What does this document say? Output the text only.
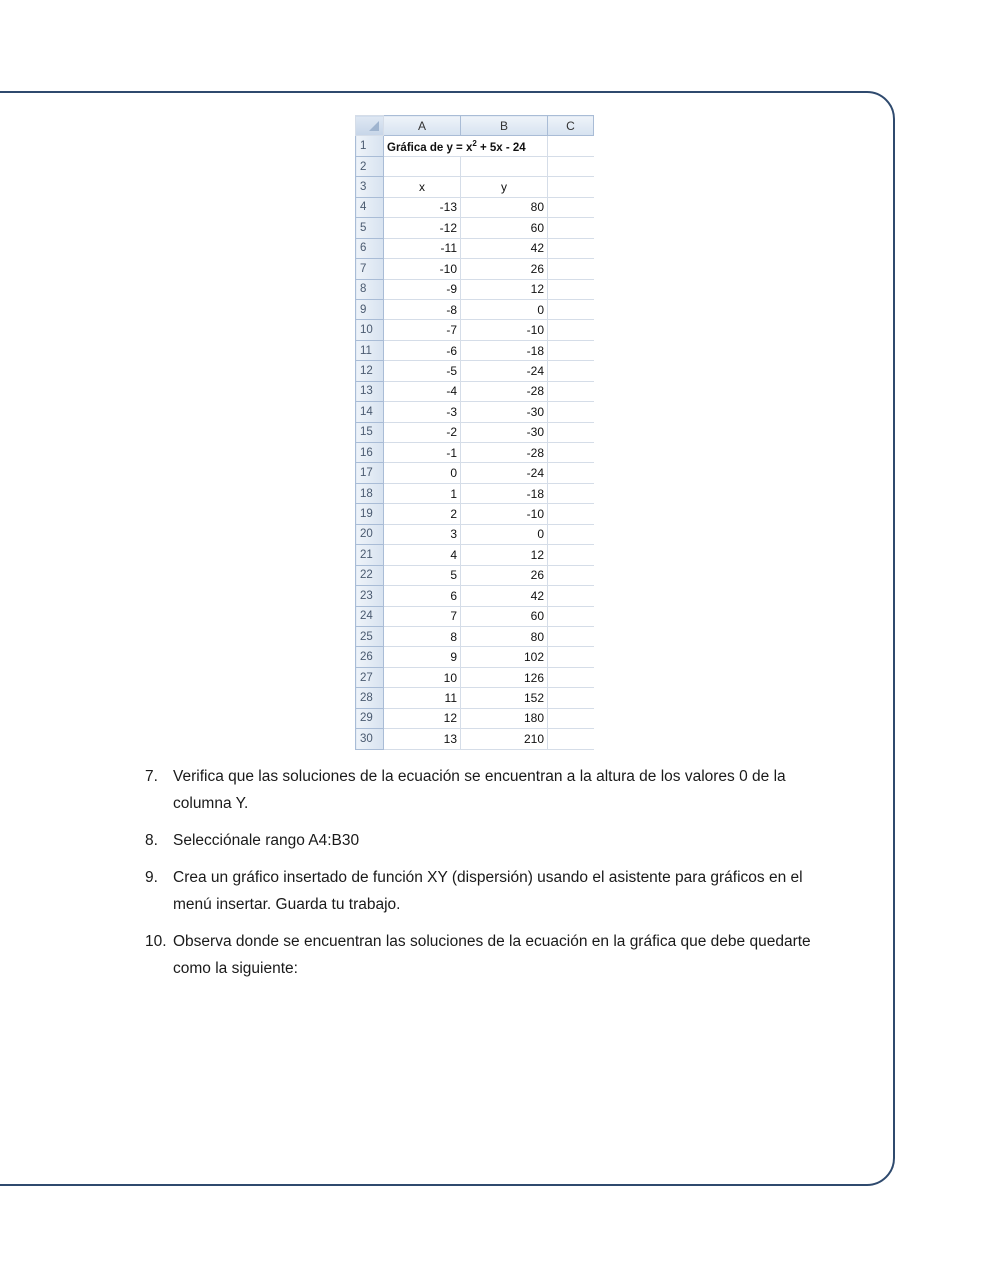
	A	B	C
1	Gráfica de $y = x^2 + 5x - 24$		
2			
3	x	y	
4	-13	80	
5	-12	60	
6	-11	42	
7	-10	26	
8	-9	12	
9	-8	0	
10	-7	-10	
11	-6	-18	
12	-5	-24	
13	-4	-28	
14	-3	-30	
15	-2	-30	
16	-1	-28	
17	0	-24	
18	1	-18	
19	2	-10	
20	3	0	
21	4	12	
22	5	26	
23	6	42	
24	7	60	
25	8	80	
26	9	102	
27	10	126	
28	11	152	
29	12	180	
30	13	210	
7. Verifica que las soluciones de la ecuación se encuentran a la altura de los valores 0 de la columna Y.
8. Selecciónale rango A4:B30
9. Crea un gráfico insertado de función XY (dispersión) usando el asistente para gráficos en el menú insertar. Guarda tu trabajo.
10. Observa donde se encuentran las soluciones de la ecuación en la gráfica que debe quedarte como la siguiente:
